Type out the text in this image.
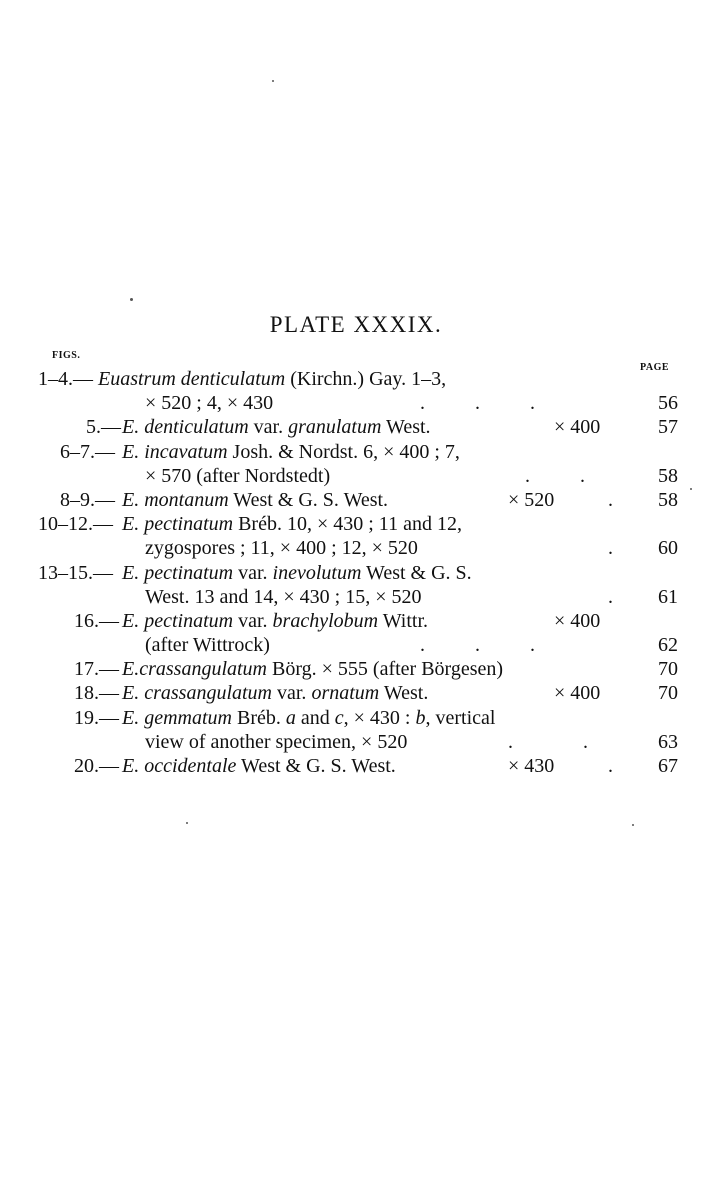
PLATE XXXIX.
FIGS.
PAGE
1–4.— Euastrum denticulatum (Kirchn.) Gay. 1–3,
× 520 ; 4, × 430	.          .          .	56
5.— E. denticulatum var. granulatum West.	× 400	57
6–7.— E. incavatum Josh. & Nordst. 6, × 400 ; 7,
× 570 (after Nordstedt)	.          .	58
8–9.— E. montanum West & G. S. West.	× 520	.	58
10–12.— E. pectinatum Bréb. 10, × 430 ; 11 and 12,
zygospores ; 11, × 400 ; 12, × 520	.	60
13–15.— E. pectinatum var. inevolutum West & G. S.
West. 13 and 14, × 430 ; 15, × 520	.	61
16.— E. pectinatum var. brachylobum Wittr.	× 400
(after Wittrock)	.          .          .	62
17.— E.crassangulatum Börg. × 555 (after Börgesen)	70
18.— E. crassangulatum var. ornatum West.	× 400	70
19.— E. gemmatum Bréb. a and c, × 430 : b, vertical
view of another specimen, × 520	.              .	63
20.— E. occidentale West & G. S. West.	× 430	.	67
